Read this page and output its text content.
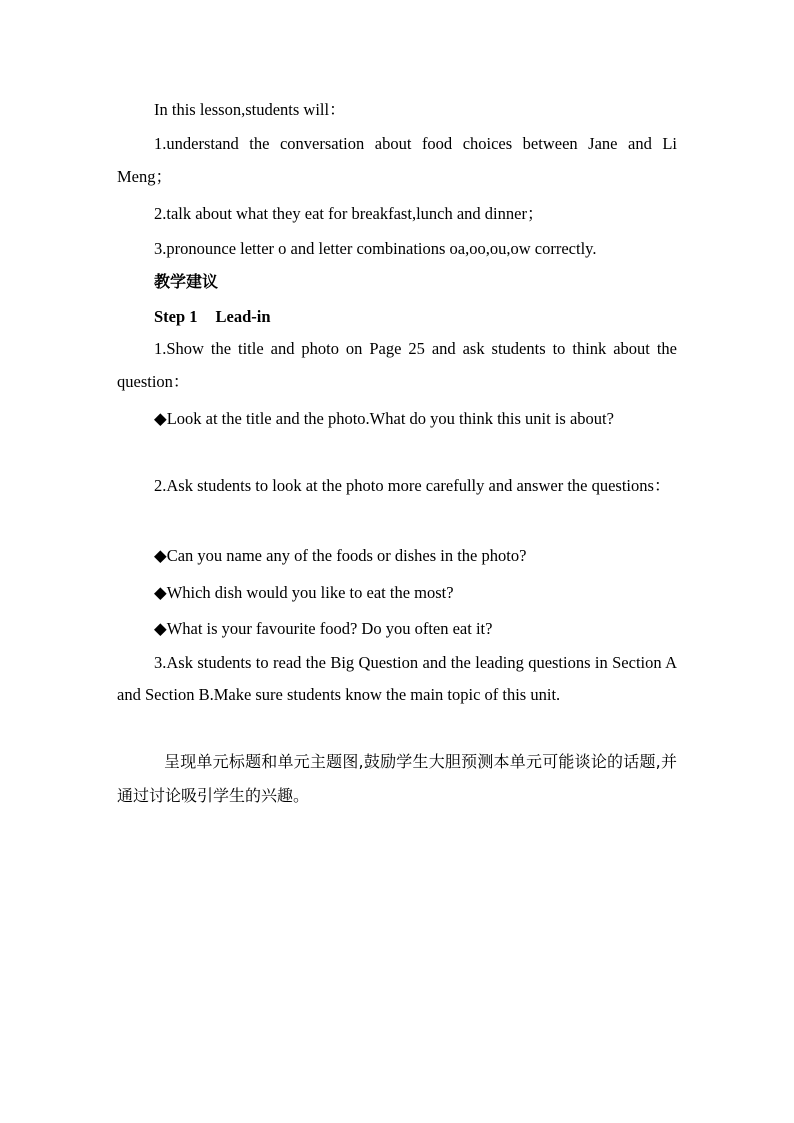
In this lesson,students will：

1.understand the conversation about food choices between Jane and Li Meng；

2.talk about what they eat for breakfast,lunch and dinner；

3.pronounce letter o and letter combinations oa,oo,ou,ow correctly.

教学建议

Step 1 Lead-in

1.Show the title and photo on Page 25 and ask students to think about the question：

◆Look at the title and the photo.What do you think this unit is about?

2.Ask students to look at the photo more carefully and answer the questions：

◆Can you name any of the foods or dishes in the photo?

◆Which dish would you like to eat the most?

◆What is your favourite food? Do you often eat it?

3.Ask students to read the Big Question and the leading questions in Section A and Section B.Make sure students know the main topic of this unit.

呈现单元标题和单元主题图,鼓励学生大胆预测本单元可能谈论的话题,并通过讨论吸引学生的兴趣。
